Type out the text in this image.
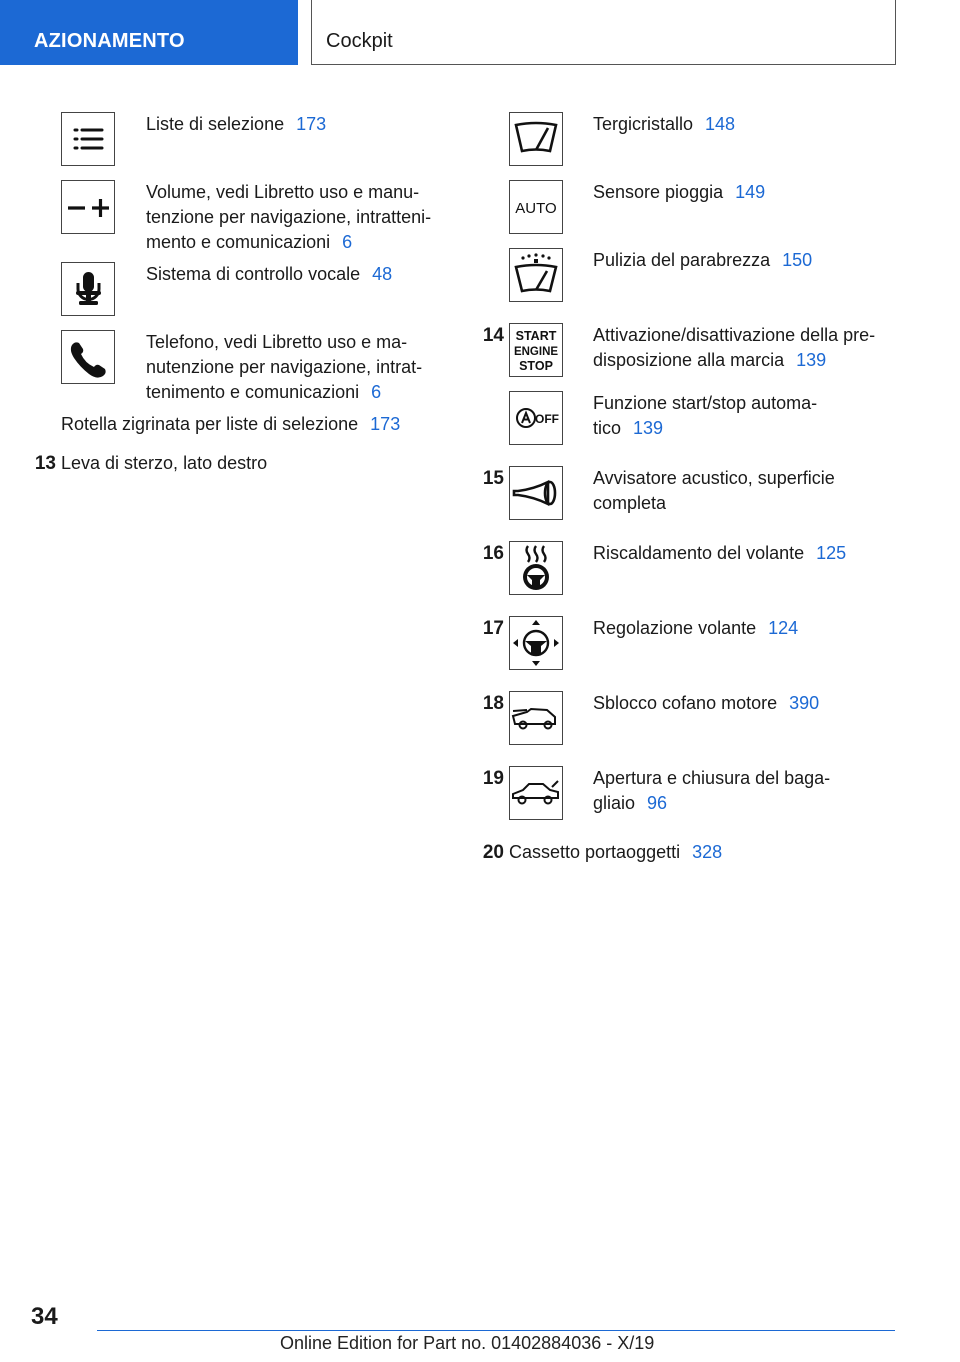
AZIONAMENTO	Cockpit
Liste di selezione 173
Volume, vedi Libretto uso e manu-
tenzione per navigazione, intratteni-
mento e comunicazioni 6
Sistema di controllo vocale 48
Telefono, vedi Libretto uso e ma-
nutenzione per navigazione, intrat-
tenimento e comunicazioni 6
Rotella zigrinata per liste di selezione 173
13 Leva di sterzo, lato destro
Tergicristallo 148
AUTO
Sensore pioggia 149
Pulizia del parabrezza 150
14 START
ENGINE
STOP
Attivazione/disattivazione della pre-
disposizione alla marcia 139
OFF
Funzione start/stop automa-
tico 139
15	Avvisatore acustico, superficie
completa
16	Riscaldamento del volante 125
17	Regolazione volante 124
18	Sblocco cofano motore 390
19	Apertura e chiusura del baga-
gliaio 96
20 Cassetto portaoggetti 328
34
Online Edition for Part no. 01402884036 - X/19
